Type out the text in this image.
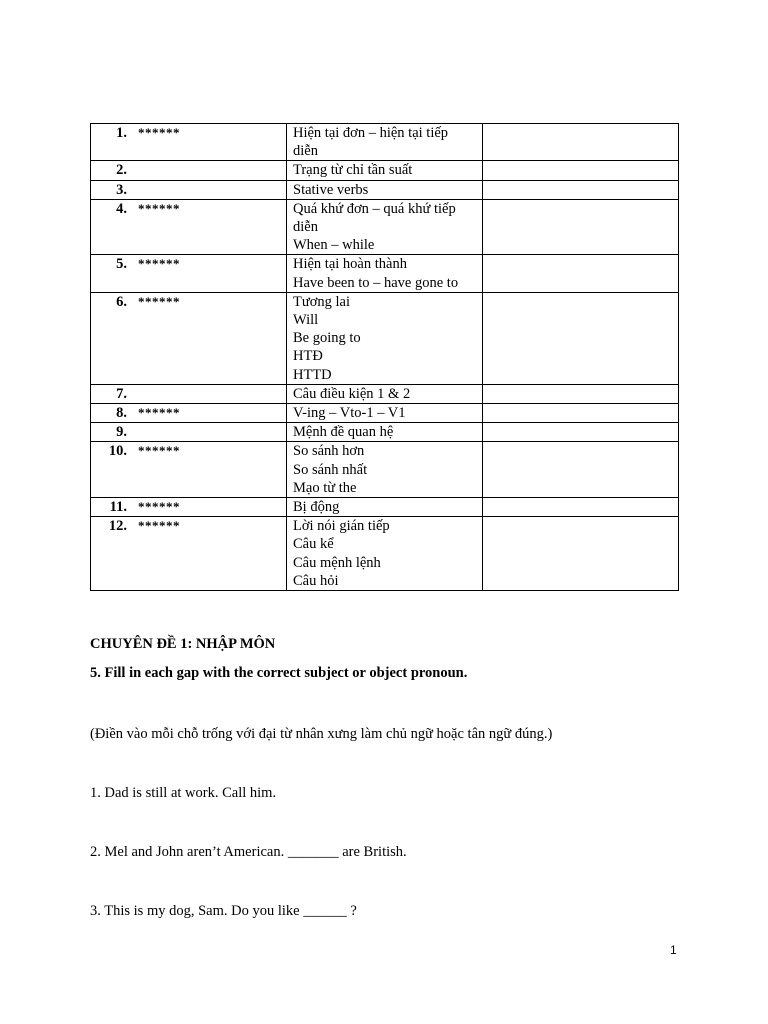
1. ******	Hiện tại đơn – hiện tại tiếp
diễn	

2.	Trạng từ chỉ tần suất	

3.	Stative verbs	

4. ******	Quá khứ đơn – quá khứ tiếp
diễn
When – while	

5. ******	Hiện tại hoàn thành
Have been to – have gone to	

6. ******	Tương lai
Will
Be going to
HTĐ
HTTD	

7.	Câu điều kiện 1 & 2	

8. ******	V-ing – Vto-1 – V1	

9.	Mệnh đề quan hệ	

10. ******	So sánh hơn
So sánh nhất
Mạo từ the	

11. ******	Bị động	

12. ******	Lời nói gián tiếp
Câu kể
Câu mệnh lệnh
Câu hỏi	

CHUYÊN ĐỀ 1: NHẬP MÔN

5. Fill in each gap with the correct subject or object pronoun.

(Điền vào mỗi chỗ trống với đại từ nhân xưng làm chủ ngữ hoặc tân ngữ đúng.)

1. Dad is still at work. Call him.

2. Mel and John aren’t American. _______ are British.

3. This is my dog, Sam. Do you like ______ ?

1
